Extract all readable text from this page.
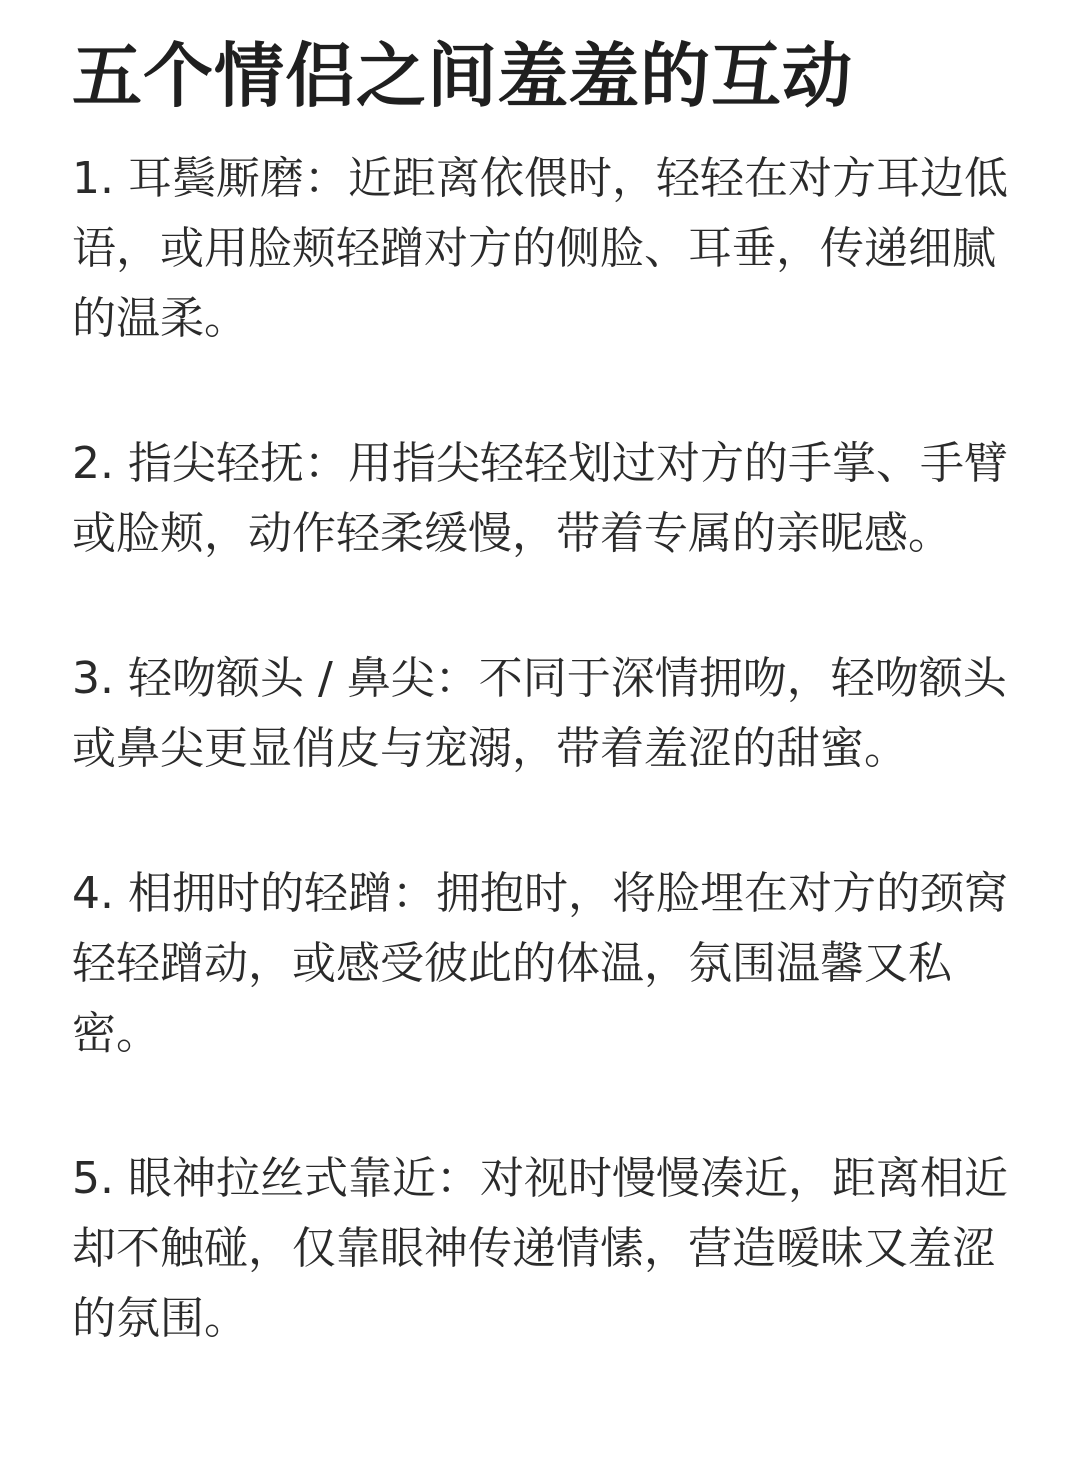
五个情侣之间羞羞的互动

1. 耳鬓厮磨：近距离依偎时，轻轻在对方耳边低语，或用脸颊轻蹭对方的侧脸、耳垂，传递细腻的温柔。

2. 指尖轻抚：用指尖轻轻划过对方的手掌、手臂或脸颊，动作轻柔缓慢，带着专属的亲昵感。

3. 轻吻额头 / 鼻尖：不同于深情拥吻，轻吻额头或鼻尖更显俏皮与宠溺，带着羞涩的甜蜜。

4. 相拥时的轻蹭：拥抱时，将脸埋在对方的颈窝轻轻蹭动，或感受彼此的体温，氛围温馨又私密。

5. 眼神拉丝式靠近：对视时慢慢凑近，距离相近却不触碰，仅靠眼神传递情愫，营造暧昧又羞涩的氛围。
